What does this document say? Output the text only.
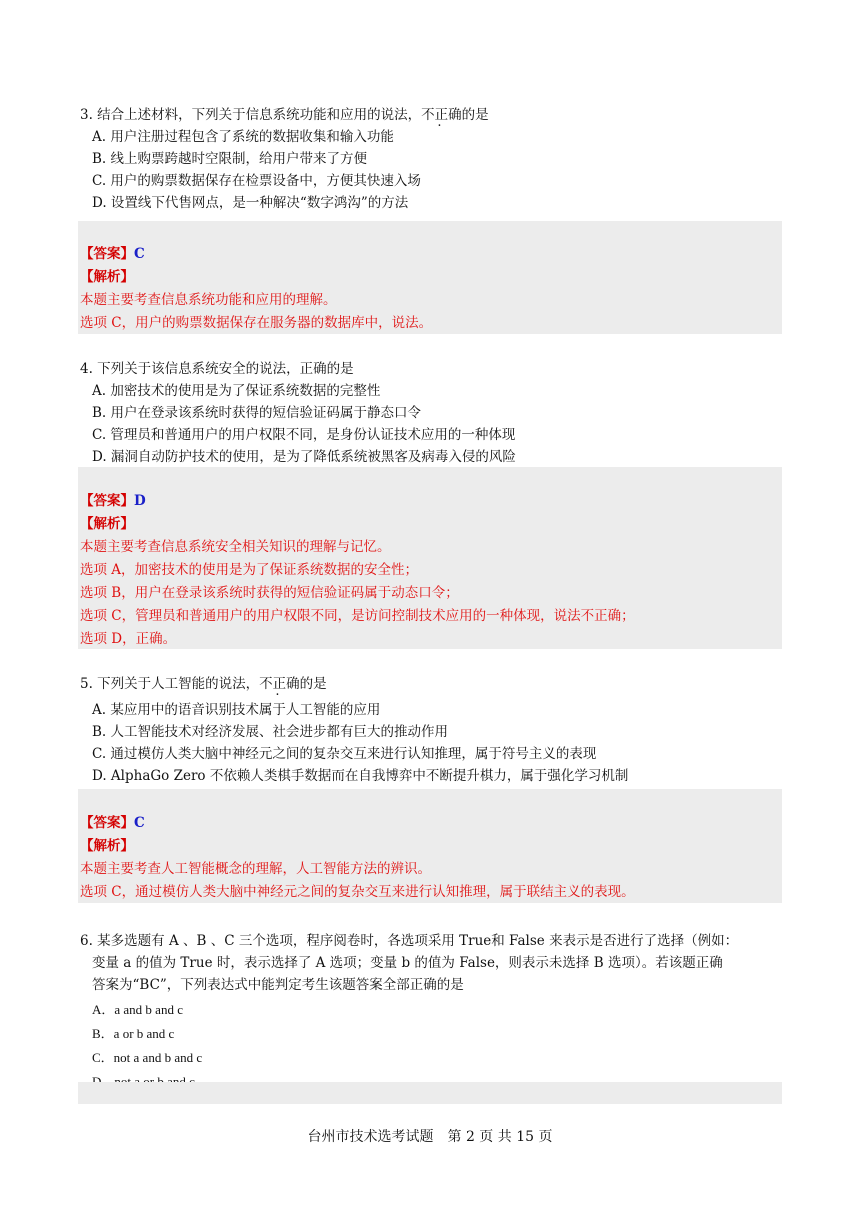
3. 结合上述材料，下列关于信息系统功能和应用的说法，不正确的是

A. 用户注册过程包含了系统的数据收集和输入功能

B. 线上购票跨越时空限制，给用户带来了方便

C. 用户的购票数据保存在检票设备中，方便其快速入场

D. 设置线下代售网点，是一种解决“数字鸿沟”的方法

【答案】C
【解析】
本题主要考查信息系统功能和应用的理解。
选项 C，用户的购票数据保存在服务器的数据库中，说法。

4. 下列关于该信息系统安全的说法，正确的是

A. 加密技术的使用是为了保证系统数据的完整性

B. 用户在登录该系统时获得的短信验证码属于静态口令

C. 管理员和普通用户的用户权限不同，是身份认证技术应用的一种体现

D. 漏洞自动防护技术的使用，是为了降低系统被黑客及病毒入侵的风险

【答案】D
【解析】
本题主要考查信息系统安全相关知识的理解与记忆。
选项 A，加密技术的使用是为了保证系统数据的安全性；
选项 B，用户在登录该系统时获得的短信验证码属于动态口令；
选项 C，管理员和普通用户的用户权限不同，是访问控制技术应用的一种体现，说法不正确；
选项 D，正确。

5. 下列关于人工智能的说法，不正确的是

A. 某应用中的语音识别技术属于人工智能的应用

B. 人工智能技术对经济发展、社会进步都有巨大的推动作用

C. 通过模仿人类大脑中神经元之间的复杂交互来进行认知推理，属于符号主义的表现

D. AlphaGo Zero 不依赖人类棋手数据而在自我博弈中不断提升棋力，属于强化学习机制

【答案】C
【解析】
本题主要考查人工智能概念的理解，人工智能方法的辨识。
选项 C，通过模仿人类大脑中神经元之间的复杂交互来进行认知推理，属于联结主义的表现。

6. 某多选题有 A 、B 、C 三个选项，程序阅卷时，各选项采用 True和 False 来表示是否进行了选择（例如：

变量 a 的值为 True 时，表示选择了 A 选项；变量 b 的值为 False，则表示未选择 B 选项）。若该题正确

答案为“BC”，下列表达式中能判定考生该题答案全部正确的是

A．a and b and c

B．a or b and c

C．not a and b and c

台州市技术选考试题　第 2 页 共 15 页
